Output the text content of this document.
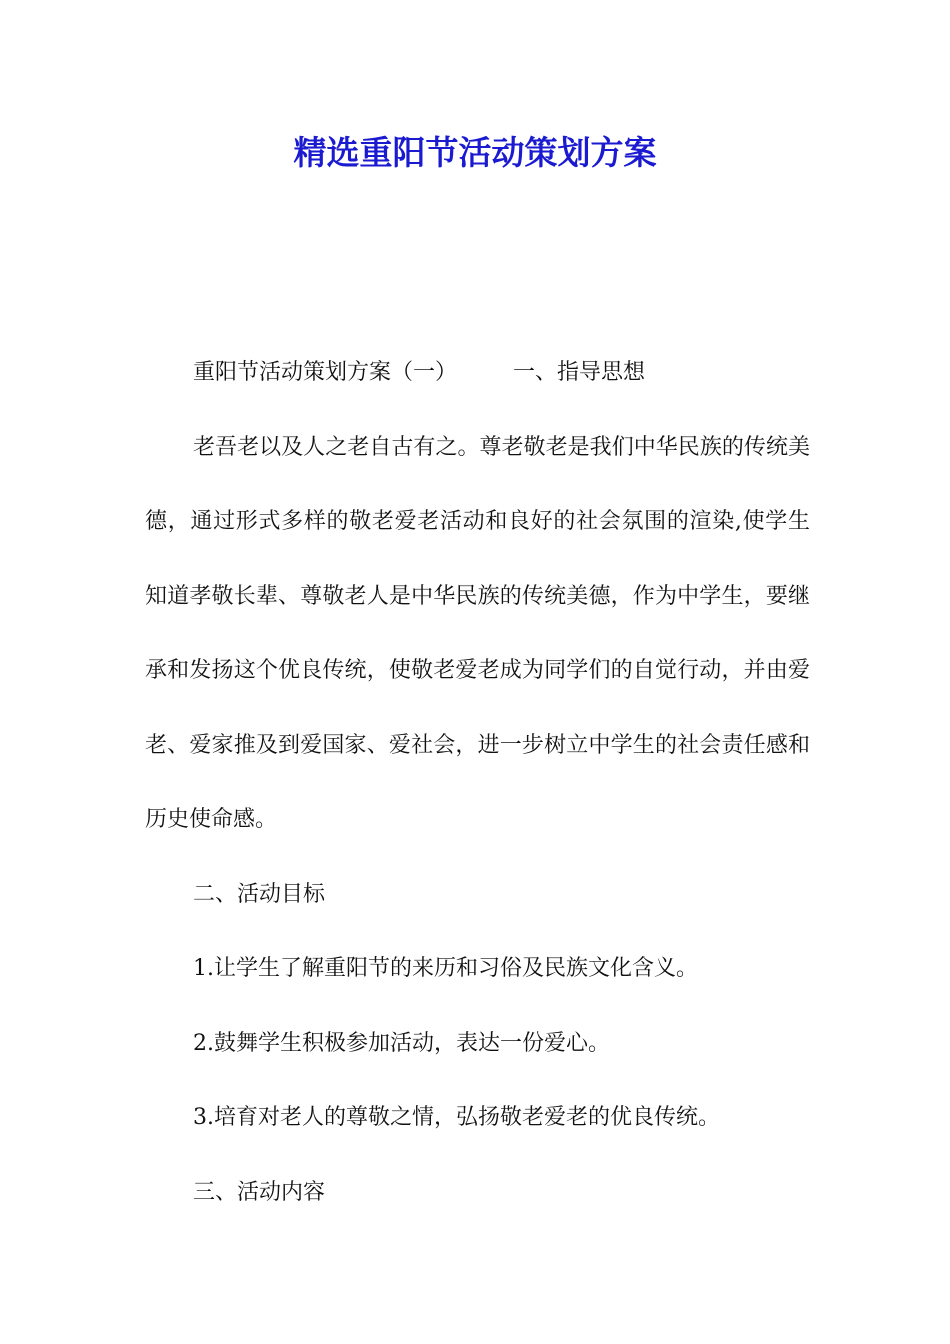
精选重阳节活动策划方案

重阳节活动策划方案（一）	一、指导思想

老吾老以及人之老自古有之。尊老敬老是我们中华民族的传统美德，通过形式多样的敬老爱老活动和良好的社会氛围的渲染,使学生知道孝敬长辈、尊敬老人是中华民族的传统美德，作为中学生，要继承和发扬这个优良传统，使敬老爱老成为同学们的自觉行动，并由爱老、爱家推及到爱国家、爱社会，进一步树立中学生的社会责任感和历史使命感。

二、活动目标

1.让学生了解重阳节的来历和习俗及民族文化含义。

2.鼓舞学生积极参加活动，表达一份爱心。

3.培育对老人的尊敬之情，弘扬敬老爱老的优良传统。

三、活动内容
